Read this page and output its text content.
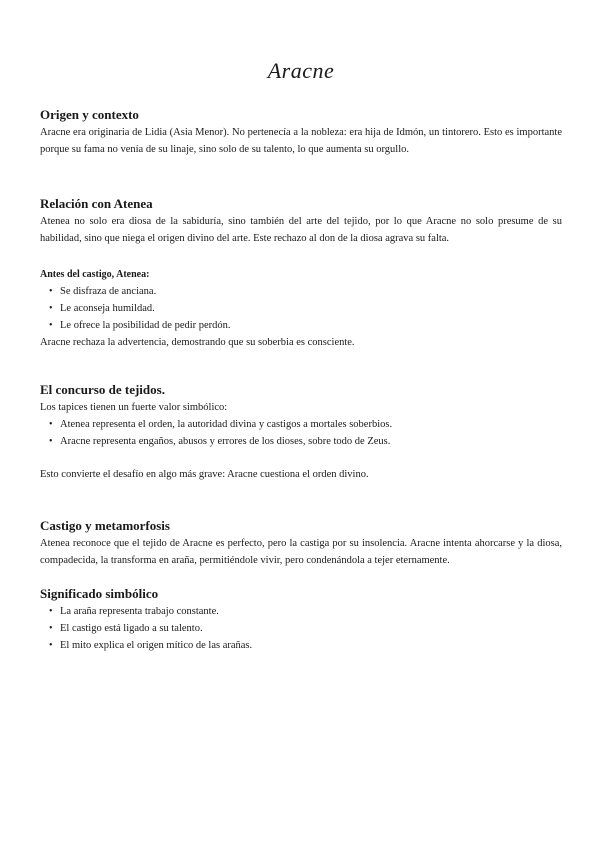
Aracne
Origen y contexto

Aracne era originaria de Lidia (Asia Menor). No pertenecía a la nobleza: era hija de Idmón, un tintorero. Esto es importante porque su fama no venía de su linaje, sino solo de su talento, lo que aumenta su orgullo.

Relación con Atenea

Atenea no solo era diosa de la sabiduría, sino también del arte del tejido, por lo que Aracne no solo presume de su habilidad, sino que niega el origen divino del arte. Este rechazo al don de la diosa agrava su falta.

Antes del castigo, Atenea:
• Se disfraza de anciana.
• Le aconseja humildad.
• Le ofrece la posibilidad de pedir perdón.

Aracne rechaza la advertencia, demostrando que su soberbia es consciente.

El concurso de tejidos.

Los tapices tienen un fuerte valor simbólico:

• Atenea representa el orden, la autoridad divina y castigos a mortales soberbios.
• Aracne representa engaños, abusos y errores de los dioses, sobre todo de Zeus.

Esto convierte el desafío en algo más grave: Aracne cuestiona el orden divino.

Castigo y metamorfosis

Atenea reconoce que el tejido de Aracne es perfecto, pero la castiga por su insolencia. Aracne intenta ahorcarse y la diosa, compadecida, la transforma en araña, permitiéndole vivir, pero condenándola a tejer eternamente.

Significado simbólico
• La araña representa trabajo constante.
• El castigo está ligado a su talento.
• El mito explica el origen mítico de las arañas.
